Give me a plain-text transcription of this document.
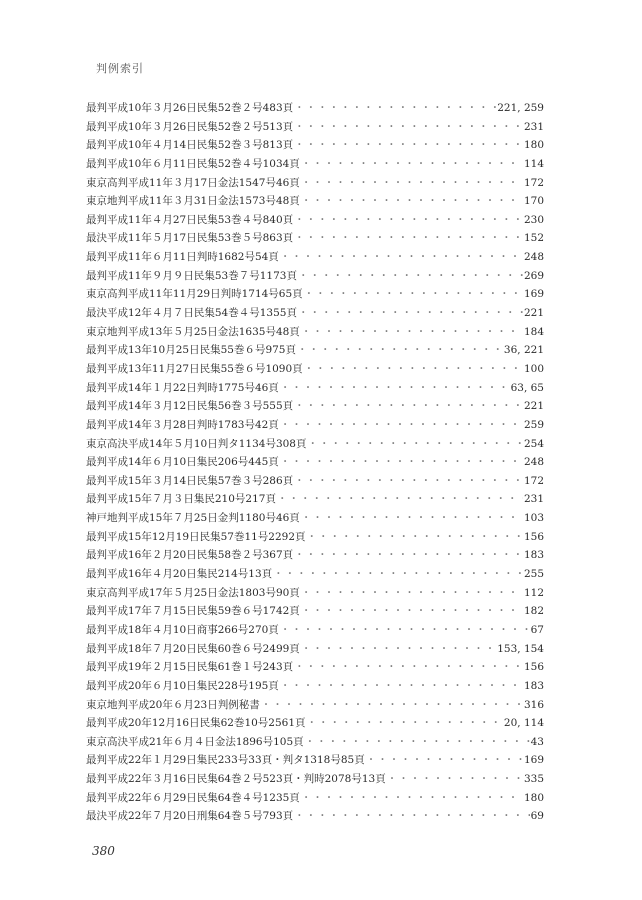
判例索引
最判平成10年３月26日民集52巻２号483頁 ・・・・・・・・・・・・・・・・・・・・・・・・・・・・・・・・・・・・・・・・・・・・・・・・・・・・・・・・・・・・・・・・・・・・・・・・・・・・・・・・・・・・	221, 259
最判平成10年３月26日民集52巻２号513頁 ・・・・・・・・・・・・・・・・・・・・・・・・・・・・・・・・・・・・・・・・・・・・・・・・・・・・・・・・・・・・・・・・・・・・・・・・・・・・・・・・・・・・	231
最判平成10年４月14日民集52巻３号813頁 ・・・・・・・・・・・・・・・・・・・・・・・・・・・・・・・・・・・・・・・・・・・・・・・・・・・・・・・・・・・・・・・・・・・・・・・・・・・・・・・・・・・・	180
最判平成10年６月11日民集52巻４号1034頁 ・・・・・・・・・・・・・・・・・・・・・・・・・・・・・・・・・・・・・・・・・・・・・・・・・・・・・・・・・・・・・・・・・・・・・・・・・・・・・・・・・・・・	114
東京高判平成11年３月17日金法1547号46頁 ・・・・・・・・・・・・・・・・・・・・・・・・・・・・・・・・・・・・・・・・・・・・・・・・・・・・・・・・・・・・・・・・・・・・・・・・・・・・・・・・・・・・	172
東京地判平成11年３月31日金法1573号48頁 ・・・・・・・・・・・・・・・・・・・・・・・・・・・・・・・・・・・・・・・・・・・・・・・・・・・・・・・・・・・・・・・・・・・・・・・・・・・・・・・・・・・・	170
最判平成11年４月27日民集53巻４号840頁 ・・・・・・・・・・・・・・・・・・・・・・・・・・・・・・・・・・・・・・・・・・・・・・・・・・・・・・・・・・・・・・・・・・・・・・・・・・・・・・・・・・・・	230
最決平成11年５月17日民集53巻５号863頁 ・・・・・・・・・・・・・・・・・・・・・・・・・・・・・・・・・・・・・・・・・・・・・・・・・・・・・・・・・・・・・・・・・・・・・・・・・・・・・・・・・・・・	152
最判平成11年６月11日判時1682号54頁 ・・・・・・・・・・・・・・・・・・・・・・・・・・・・・・・・・・・・・・・・・・・・・・・・・・・・・・・・・・・・・・・・・・・・・・・・・・・・・・・・・・・・	248
最判平成11年９月９日民集53巻７号1173頁 ・・・・・・・・・・・・・・・・・・・・・・・・・・・・・・・・・・・・・・・・・・・・・・・・・・・・・・・・・・・・・・・・・・・・・・・・・・・・・・・・・・・・	269
東京高判平成11年11月29日判時1714号65頁 ・・・・・・・・・・・・・・・・・・・・・・・・・・・・・・・・・・・・・・・・・・・・・・・・・・・・・・・・・・・・・・・・・・・・・・・・・・・・・・・・・・・・	169
最決平成12年４月７日民集54巻４号1355頁 ・・・・・・・・・・・・・・・・・・・・・・・・・・・・・・・・・・・・・・・・・・・・・・・・・・・・・・・・・・・・・・・・・・・・・・・・・・・・・・・・・・・・	221
東京地判平成13年５月25日金法1635号48頁 ・・・・・・・・・・・・・・・・・・・・・・・・・・・・・・・・・・・・・・・・・・・・・・・・・・・・・・・・・・・・・・・・・・・・・・・・・・・・・・・・・・・・	184
最判平成13年10月25日民集55巻６号975頁 ・・・・・・・・・・・・・・・・・・・・・・・・・・・・・・・・・・・・・・・・・・・・・・・・・・・・・・・・・・・・・・・・・・・・・・・・・・・・・・・・・・・・	36, 221
最判平成13年11月27日民集55巻６号1090頁 ・・・・・・・・・・・・・・・・・・・・・・・・・・・・・・・・・・・・・・・・・・・・・・・・・・・・・・・・・・・・・・・・・・・・・・・・・・・・・・・・・・・・	100
最判平成14年１月22日判時1775号46頁 ・・・・・・・・・・・・・・・・・・・・・・・・・・・・・・・・・・・・・・・・・・・・・・・・・・・・・・・・・・・・・・・・・・・・・・・・・・・・・・・・・・・・	63, 65
最判平成14年３月12日民集56巻３号555頁 ・・・・・・・・・・・・・・・・・・・・・・・・・・・・・・・・・・・・・・・・・・・・・・・・・・・・・・・・・・・・・・・・・・・・・・・・・・・・・・・・・・・・	221
最判平成14年３月28日判時1783号42頁 ・・・・・・・・・・・・・・・・・・・・・・・・・・・・・・・・・・・・・・・・・・・・・・・・・・・・・・・・・・・・・・・・・・・・・・・・・・・・・・・・・・・・	259
東京高決平成14年５月10日判タ1134号308頁 ・・・・・・・・・・・・・・・・・・・・・・・・・・・・・・・・・・・・・・・・・・・・・・・・・・・・・・・・・・・・・・・・・・・・・・・・・・・・・・・・・・・・	254
最判平成14年６月10日集民206号445頁 ・・・・・・・・・・・・・・・・・・・・・・・・・・・・・・・・・・・・・・・・・・・・・・・・・・・・・・・・・・・・・・・・・・・・・・・・・・・・・・・・・・・・	248
最判平成15年３月14日民集57巻３号286頁 ・・・・・・・・・・・・・・・・・・・・・・・・・・・・・・・・・・・・・・・・・・・・・・・・・・・・・・・・・・・・・・・・・・・・・・・・・・・・・・・・・・・・	172
最判平成15年７月３日集民210号217頁 ・・・・・・・・・・・・・・・・・・・・・・・・・・・・・・・・・・・・・・・・・・・・・・・・・・・・・・・・・・・・・・・・・・・・・・・・・・・・・・・・・・・・	231
神戸地判平成15年７月25日金判1180号46頁 ・・・・・・・・・・・・・・・・・・・・・・・・・・・・・・・・・・・・・・・・・・・・・・・・・・・・・・・・・・・・・・・・・・・・・・・・・・・・・・・・・・・・	103
最判平成15年12月19日民集57巻11号2292頁 ・・・・・・・・・・・・・・・・・・・・・・・・・・・・・・・・・・・・・・・・・・・・・・・・・・・・・・・・・・・・・・・・・・・・・・・・・・・・・・・・・・・・	156
最判平成16年２月20日民集58巻２号367頁 ・・・・・・・・・・・・・・・・・・・・・・・・・・・・・・・・・・・・・・・・・・・・・・・・・・・・・・・・・・・・・・・・・・・・・・・・・・・・・・・・・・・・	183
最判平成16年４月20日集民214号13頁 ・・・・・・・・・・・・・・・・・・・・・・・・・・・・・・・・・・・・・・・・・・・・・・・・・・・・・・・・・・・・・・・・・・・・・・・・・・・・・・・・・・・・	255
東京高判平成17年５月25日金法1803号90頁 ・・・・・・・・・・・・・・・・・・・・・・・・・・・・・・・・・・・・・・・・・・・・・・・・・・・・・・・・・・・・・・・・・・・・・・・・・・・・・・・・・・・・	112
最判平成17年７月15日民集59巻６号1742頁 ・・・・・・・・・・・・・・・・・・・・・・・・・・・・・・・・・・・・・・・・・・・・・・・・・・・・・・・・・・・・・・・・・・・・・・・・・・・・・・・・・・・・	182
最判平成18年４月10日商事266号270頁 ・・・・・・・・・・・・・・・・・・・・・・・・・・・・・・・・・・・・・・・・・・・・・・・・・・・・・・・・・・・・・・・・・・・・・・・・・・・・・・・・・・・・	67
最判平成18年７月20日民集60巻６号2499頁 ・・・・・・・・・・・・・・・・・・・・・・・・・・・・・・・・・・・・・・・・・・・・・・・・・・・・・・・・・・・・・・・・・・・・・・・・・・・・・・・・・・・・	153, 154
最判平成19年２月15日民集61巻１号243頁 ・・・・・・・・・・・・・・・・・・・・・・・・・・・・・・・・・・・・・・・・・・・・・・・・・・・・・・・・・・・・・・・・・・・・・・・・・・・・・・・・・・・・	156
最判平成20年６月10日集民228号195頁 ・・・・・・・・・・・・・・・・・・・・・・・・・・・・・・・・・・・・・・・・・・・・・・・・・・・・・・・・・・・・・・・・・・・・・・・・・・・・・・・・・・・・	183
東京地判平成20年６月23日判例秘書 ・・・・・・・・・・・・・・・・・・・・・・・・・・・・・・・・・・・・・・・・・・・・・・・・・・・・・・・・・・・・・・・・・・・・・・・・・・・・・・・・・・・・	316
最判平成20年12月16日民集62巻10号2561頁 ・・・・・・・・・・・・・・・・・・・・・・・・・・・・・・・・・・・・・・・・・・・・・・・・・・・・・・・・・・・・・・・・・・・・・・・・・・・・・・・・・・・・	20, 114
東京高決平成21年６月４日金法1896号105頁 ・・・・・・・・・・・・・・・・・・・・・・・・・・・・・・・・・・・・・・・・・・・・・・・・・・・・・・・・・・・・・・・・・・・・・・・・・・・・・・・・・・・・	43
最判平成22年１月29日集民233号33頁・判タ1318号85頁 ・・・・・・・・・・・・・・・・・・・・・・・・・・・・・・・・・・・・・・・・・・・・・・・・・・・・・・・・・・・・・・・・・・・・・・・・・・・・・・・・・・・・	169
最判平成22年３月16日民集64巻２号523頁・判時2078号13頁 ・・・・・・・・・・・・・・・・・・・・・・・・・・・・・・・・・・・・・・・・・・・・・・・・・・・・・・・・・・・・・・・・・・・・・・・・・・・・・・・・・・・・	335
最判平成22年６月29日民集64巻４号1235頁 ・・・・・・・・・・・・・・・・・・・・・・・・・・・・・・・・・・・・・・・・・・・・・・・・・・・・・・・・・・・・・・・・・・・・・・・・・・・・・・・・・・・・	180
最決平成22年７月20日刑集64巻５号793頁 ・・・・・・・・・・・・・・・・・・・・・・・・・・・・・・・・・・・・・・・・・・・・・・・・・・・・・・・・・・・・・・・・・・・・・・・・・・・・・・・・・・・・	69
380
